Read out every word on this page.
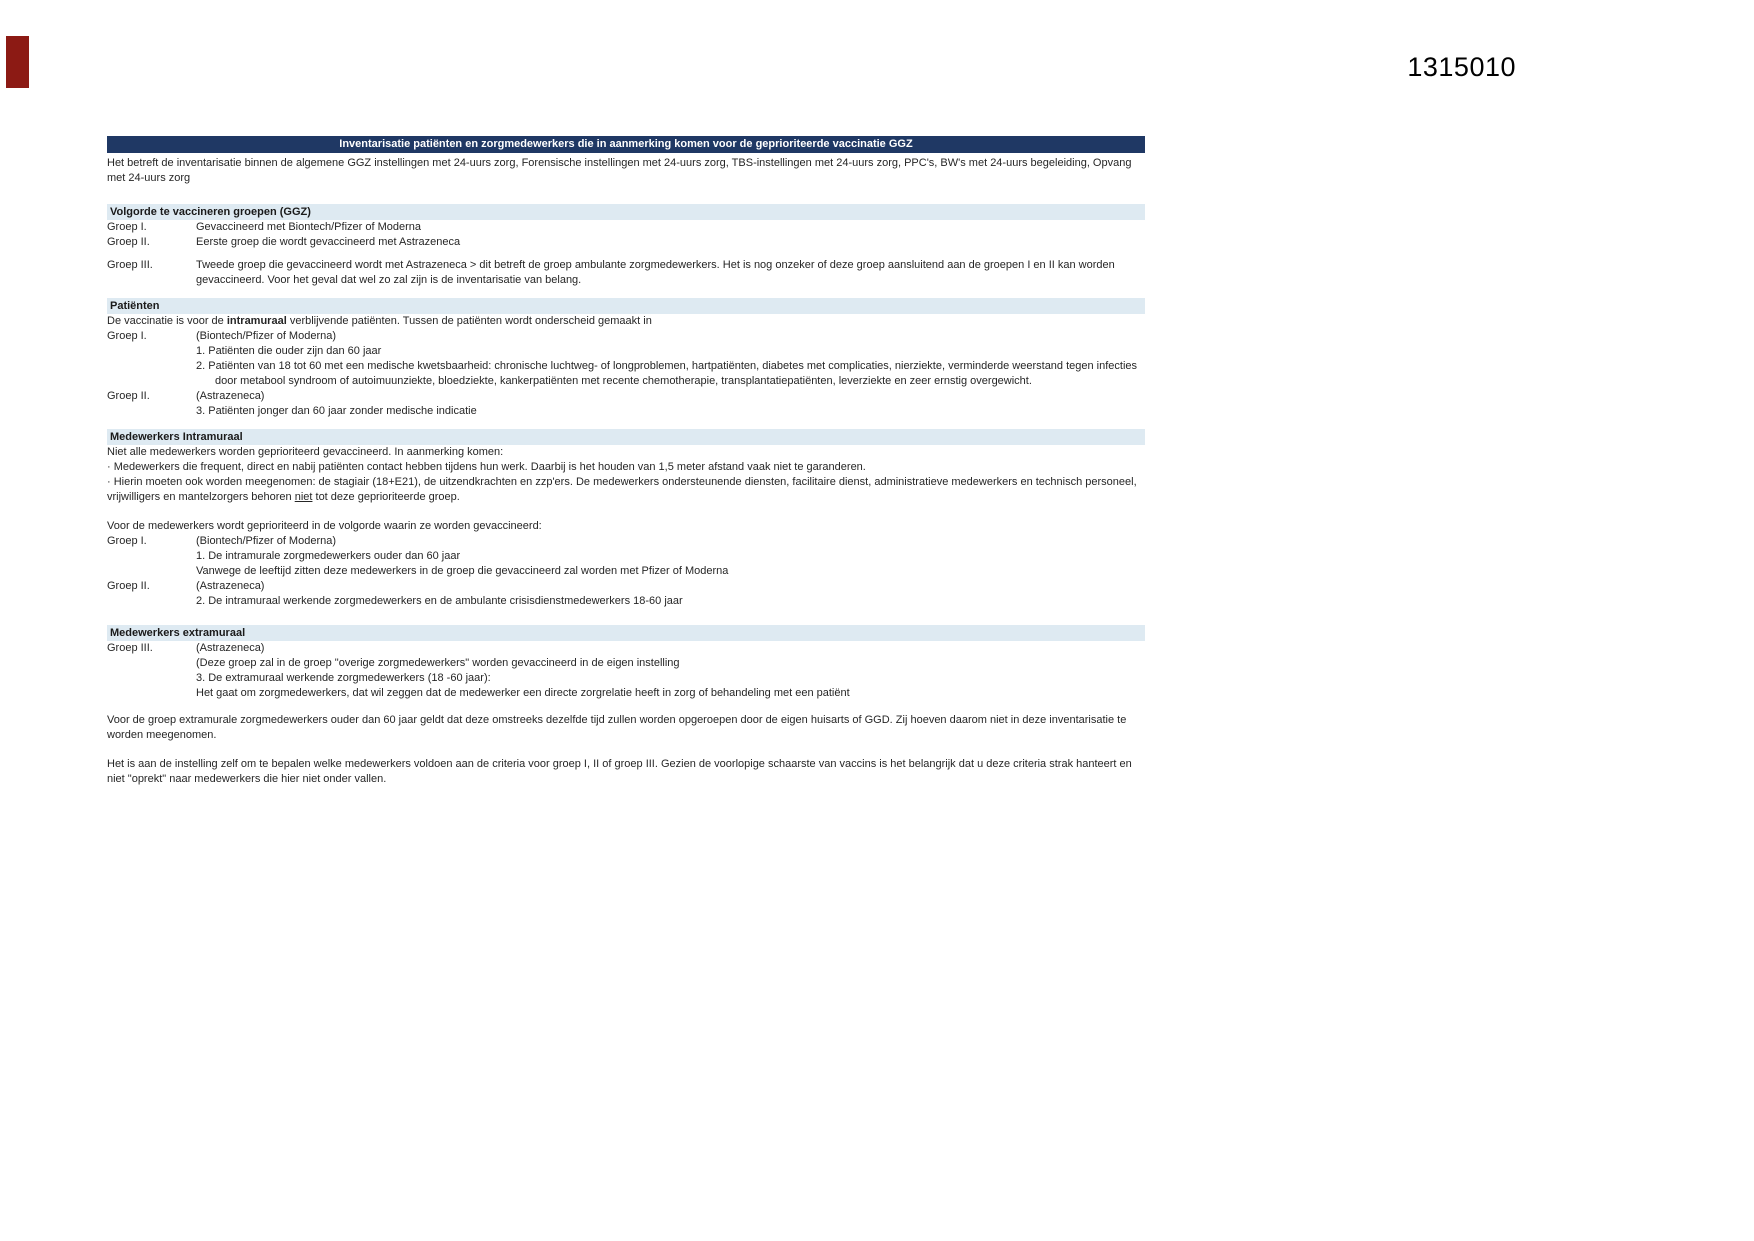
1315010
Inventarisatie patiënten en zorgmedewerkers die in aanmerking komen voor de geprioriteerde vaccinatie GGZ

Het betreft de inventarisatie binnen de algemene GGZ instellingen met 24-uurs zorg, Forensische instellingen met 24-uurs zorg, TBS-instellingen met 24-uurs zorg, PPC's, BW's met 24-uurs begeleiding, Opvang met 24-uurs zorg

Volgorde te vaccineren groepen (GGZ)
Groep I.	Gevaccineerd met Biontech/Pfizer of Moderna
Groep II.	Eerste groep die wordt gevaccineerd met Astrazeneca
Groep III.	Tweede groep die gevaccineerd wordt met Astrazeneca > dit betreft de groep ambulante zorgmedewerkers. Het is nog onzeker of deze groep aansluitend aan de groepen I en II kan worden gevaccineerd. Voor het geval dat wel zo zal zijn is de inventarisatie van belang.
Patiënten

De vaccinatie is voor de intramuraal verblijvende patiënten. Tussen de patiënten wordt onderscheid gemaakt in

Groep I.	(Biontech/Pfizer of Moderna)
1. Patiënten die ouder zijn dan 60 jaar
2. Patiënten van 18 tot 60 met een medische kwetsbaarheid: chronische luchtweg- of longproblemen, hartpatiënten, diabetes met complicaties, nierziekte, verminderde weerstand tegen infecties door metabool syndroom of autoimuunziekte, bloedziekte, kankerpatiënten met recente chemotherapie, transplantatiepatiënten, leverziekte en zeer ernstig overgewicht.
Groep II.	(Astrazeneca)
3. Patiënten jonger dan 60 jaar zonder medische indicatie
Medewerkers Intramuraal

Niet alle medewerkers worden geprioriteerd gevaccineerd. In aanmerking komen:

· Medewerkers die frequent, direct en nabij patiënten contact hebben tijdens hun werk. Daarbij is het houden van 1,5 meter afstand vaak niet te garanderen.

· Hierin moeten ook worden meegenomen: de stagiair (18+E21), de uitzendkrachten en zzp'ers. De medewerkers ondersteunende diensten, facilitaire dienst, administratieve medewerkers en technisch personeel, vrijwilligers en mantelzorgers behoren niet tot deze geprioriteerde groep.

Voor de medewerkers wordt geprioriteerd in de volgorde waarin ze worden gevaccineerd:

Groep I.	(Biontech/Pfizer of Moderna)
1. De intramurale zorgmedewerkers ouder dan 60 jaar
Vanwege de leeftijd zitten deze medewerkers in de groep die gevaccineerd zal worden met Pfizer of Moderna
Groep II.	(Astrazeneca)
2. De intramuraal werkende zorgmedewerkers en de ambulante crisisdienstmedewerkers 18-60 jaar
Medewerkers extramuraal
Groep III.	(Astrazeneca)
(Deze groep zal in de groep "overige zorgmedewerkers" worden gevaccineerd in de eigen instelling
3. De extramuraal werkende zorgmedewerkers (18 -60 jaar):
Het gaat om zorgmedewerkers, dat wil zeggen dat de medewerker een directe zorgrelatie heeft in zorg of behandeling met een patiënt

Voor de groep extramurale zorgmedewerkers ouder dan 60 jaar geldt dat deze omstreeks dezelfde tijd zullen worden opgeroepen door de eigen huisarts of GGD. Zij hoeven daarom niet in deze inventarisatie te worden meegenomen.

Het is aan de instelling zelf om te bepalen welke medewerkers voldoen aan de criteria voor groep I, II of groep III. Gezien de voorlopige schaarste van vaccins is het belangrijk dat u deze criteria strak hanteert en niet "oprekt" naar medewerkers die hier niet onder vallen.
